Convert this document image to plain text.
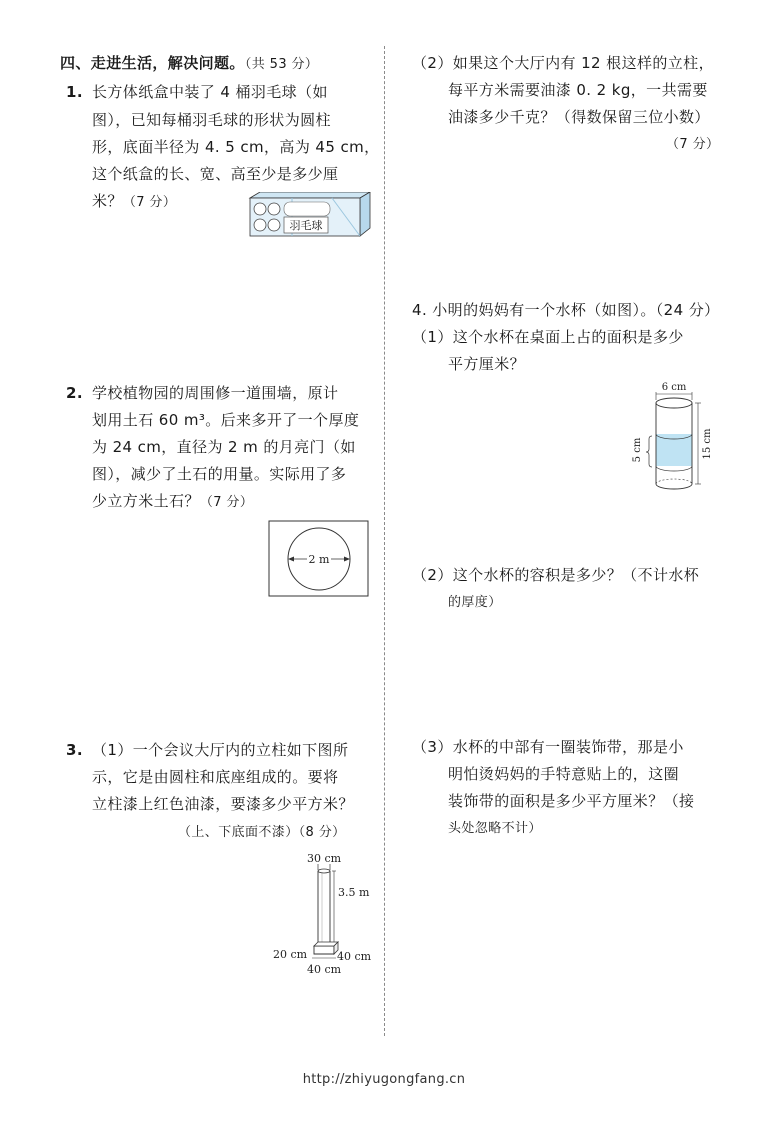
四、走进生活，解决问题。（共 53 分）
1. 长方体纸盒中装了 4 桶羽毛球（如
图），已知每桶羽毛球的形状为圆柱
形，底面半径为 4. 5 cm，高为 45 cm，
这个纸盒的长、宽、高至少是多少厘
米？（7 分）
羽毛球
2. 学校植物园的周围修一道围墙，原计
划用土石 60 m³。后来多开了一个厚度
为 24 cm，直径为 2 m 的月亮门（如
图），减少了土石的用量。实际用了多
少立方米土石？（7 分）
2 m
3. （1）一个会议大厅内的立柱如下图所
示，它是由圆柱和底座组成的。要将
立柱漆上红色油漆，要漆多少平方米？
（上、下底面不漆）（8 分）
30 cm
3.5 m
20 cm	40 cm
40 cm
（2）如果这个大厅内有 12 根这样的立柱，
每平方米需要油漆 0. 2 kg，一共需要
油漆多少千克？（得数保留三位小数）
（7 分）
4. 小明的妈妈有一个水杯（如图）。（24 分）
（1）这个水杯在桌面上占的面积是多少
平方厘米？
6 cm
5 cm	15 cm
（2）这个水杯的容积是多少？（不计水杯
的厚度）
（3）水杯的中部有一圈装饰带，那是小
明怕烫妈妈的手特意贴上的，这圈
装饰带的面积是多少平方厘米？（接
头处忽略不计）
http://zhiyugongfang.cn
